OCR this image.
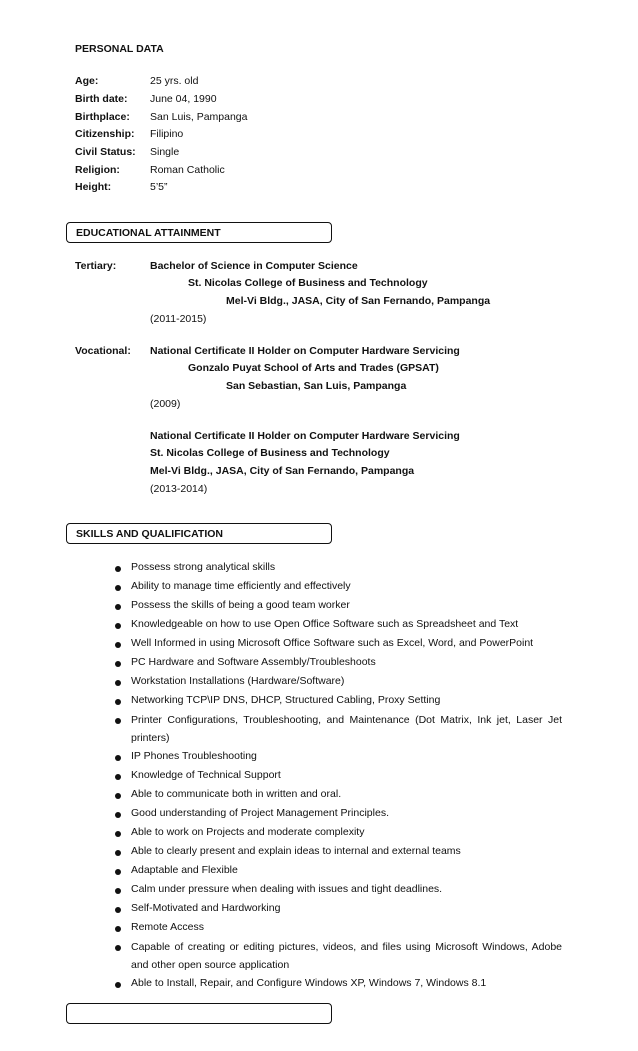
PERSONAL DATA
Age:	25 yrs. old
Birth date: June 04, 1990
Birthplace: San Luis, Pampanga
Citizenship: Filipino
Civil Status: Single
Religion:	Roman Catholic
Height:	5’5”
EDUCATIONAL ATTAINMENT
Tertiary:	Bachelor of Science in Computer Science
St. Nicolas College of Business and Technology
Mel-Vi Bldg., JASA, City of San Fernando, Pampanga
(2011-2015)
Vocational: National Certificate II Holder on Computer Hardware Servicing
Gonzalo Puyat School of Arts and Trades (GPSAT)
San Sebastian, San Luis, Pampanga
(2009)
National Certificate II Holder on Computer Hardware Servicing
St. Nicolas College of Business and Technology
Mel-Vi Bldg., JASA, City of San Fernando, Pampanga
(2013-2014)
SKILLS AND QUALIFICATION
Possess strong analytical skills
Ability to manage time efficiently and effectively
Possess the skills of being a good team worker
Knowledgeable on how to use Open Office Software such as Spreadsheet and Text
Well Informed in using Microsoft Office Software such as Excel, Word, and PowerPoint
PC Hardware and Software Assembly/Troubleshoots
Workstation Installations (Hardware/Software)
Networking TCP\IP DNS, DHCP, Structured Cabling, Proxy Setting
Printer Configurations, Troubleshooting, and Maintenance (Dot Matrix, Ink jet, Laser Jet printers)
IP Phones Troubleshooting
Knowledge of Technical Support
Able to communicate both in written and oral.
Good understanding of Project Management Principles.
Able to work on Projects and moderate complexity
Able to clearly present and explain ideas to internal and external teams
Adaptable and Flexible
Calm under pressure when dealing with issues and tight deadlines.
Self-Motivated and Hardworking
Remote Access
Capable of creating or editing pictures, videos, and files using Microsoft Windows, Adobe and other open source application
Able to Install, Repair, and Configure Windows XP, Windows 7, Windows 8.1
